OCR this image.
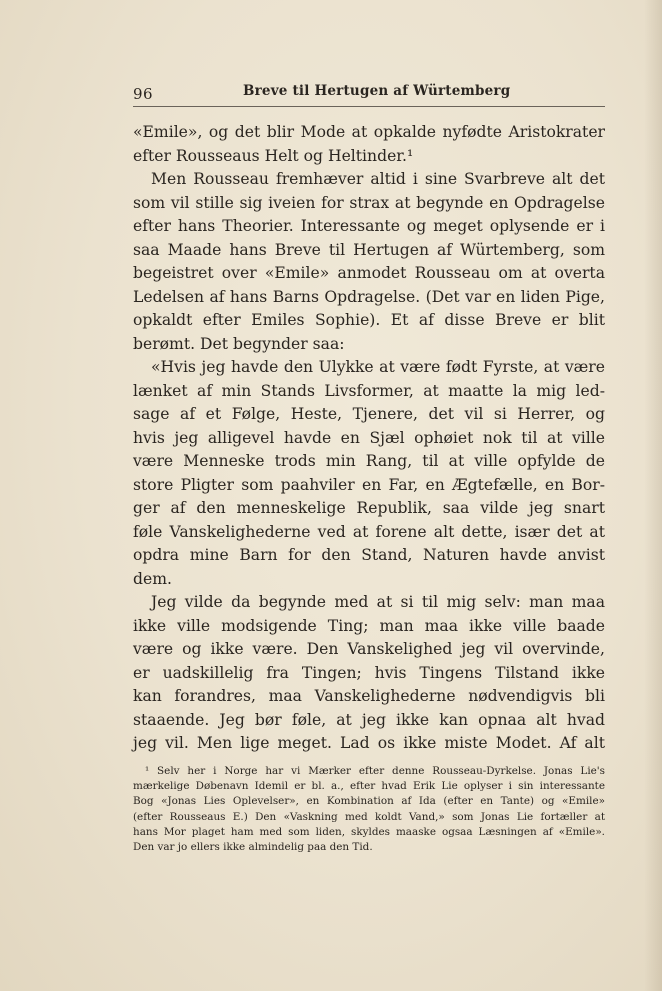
96	Breve til Hertugen af Würtemberg
«Emile», og det blir Mode at opkalde nyfødte Aristokrater
efter Rousseaus Helt og Heltinder.¹
Men Rousseau fremhæver altid i sine Svarbreve alt det
som vil stille sig iveien for strax at begynde en Opdragelse
efter hans Theorier. Interessante og meget oplysende er i
saa Maade hans Breve til Hertugen af Würtemberg, som
begeistret over «Emile» anmodet Rousseau om at overta
Ledelsen af hans Barns Opdragelse. (Det var en liden Pige,
opkaldt efter Emiles Sophie). Et af disse Breve er blit
berømt. Det begynder saa:
«Hvis jeg havde den Ulykke at være født Fyrste, at være
lænket af min Stands Livsformer, at maatte la mig led-
sage af et Følge, Heste, Tjenere, det vil si Herrer, og
hvis jeg alligevel havde en Sjæl ophøiet nok til at ville
være Menneske trods min Rang, til at ville opfylde de
store Pligter som paahviler en Far, en Ægtefælle, en Bor-
ger af den menneskelige Republik, saa vilde jeg snart
føle Vanskelighederne ved at forene alt dette, især det at
opdra mine Barn for den Stand, Naturen havde anvist
dem.
Jeg vilde da begynde med at si til mig selv: man maa
ikke ville modsigende Ting; man maa ikke ville baade
være og ikke være. Den Vanskelighed jeg vil overvinde,
er uadskillelig fra Tingen; hvis Tingens Tilstand ikke
kan forandres, maa Vanskelighederne nødvendigvis bli
staaende. Jeg bør føle, at jeg ikke kan opnaa alt hvad
jeg vil. Men lige meget. Lad os ikke miste Modet. Af alt
¹ Selv her i Norge har vi Mærker efter denne Rousseau-Dyrkelse. Jonas Lie's
mærkelige Døbenavn Idemil er bl. a., efter hvad Erik Lie oplyser i sin interessante
Bog «Jonas Lies Oplevelser», en Kombination af Ida (efter en Tante) og «Emile»
(efter Rousseaus E.) Den «Vaskning med koldt Vand,» som Jonas Lie fortæller at
hans Mor plaget ham med som liden, skyldes maaske ogsaa Læsningen af «Emile».
Den var jo ellers ikke almindelig paa den Tid.
